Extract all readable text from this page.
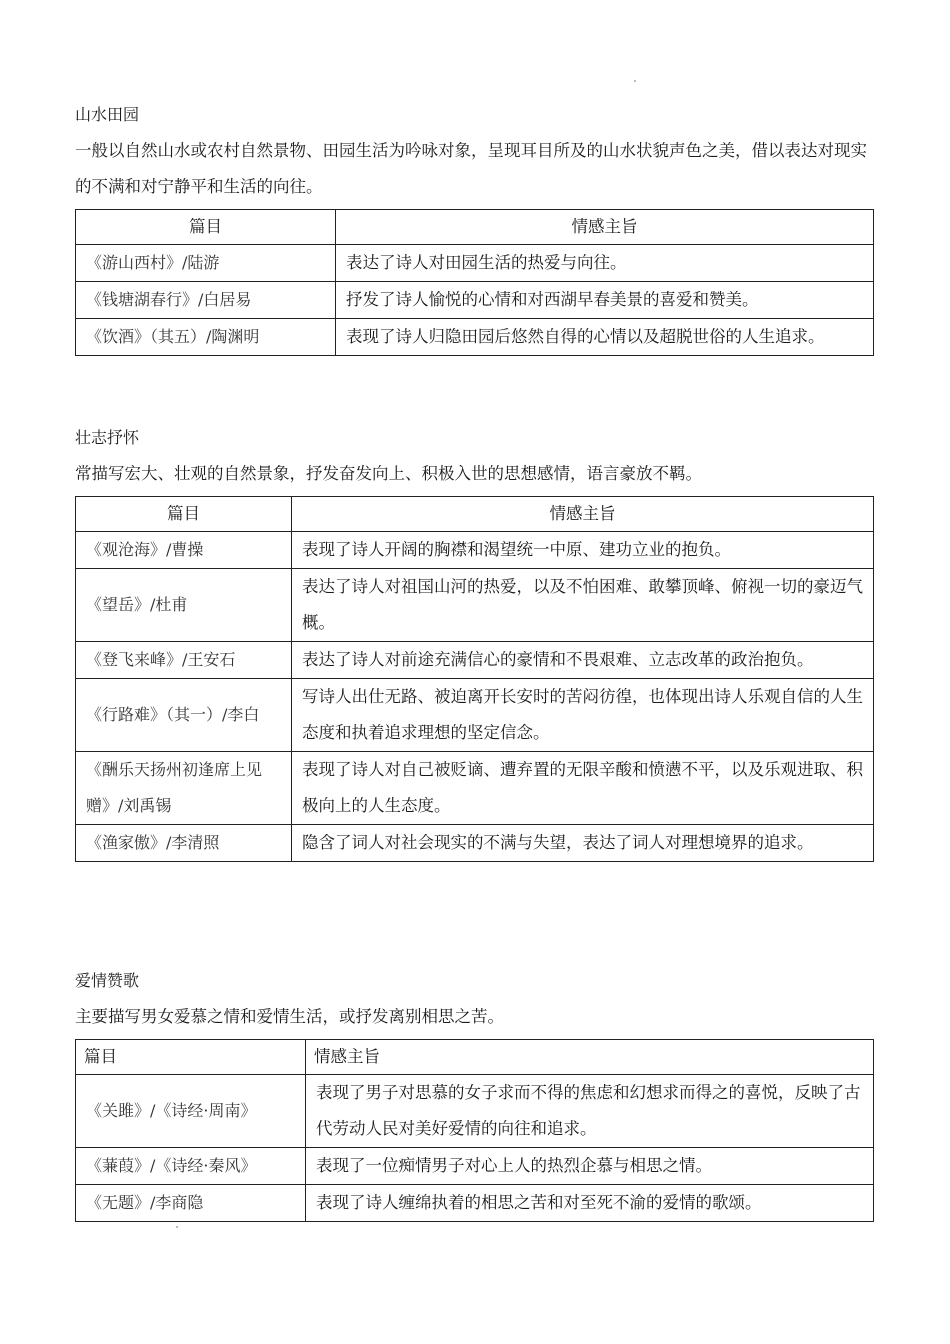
山水田园

一般以自然山水或农村自然景物、田园生活为吟咏对象，呈现耳目所及的山水状貌声色之美，借以表达对现实的不满和对宁静平和生活的向往。

篇目	情感主旨
《游山西村》/陆游	表达了诗人对田园生活的热爱与向往。
《钱塘湖春行》/白居易	抒发了诗人愉悦的心情和对西湖早春美景的喜爱和赞美。
《饮酒》（其五）/陶渊明	表现了诗人归隐田园后悠然自得的心情以及超脱世俗的人生追求。

壮志抒怀

常描写宏大、壮观的自然景象，抒发奋发向上、积极入世的思想感情，语言豪放不羁。

篇目	情感主旨
《观沧海》/曹操	表现了诗人开阔的胸襟和渴望统一中原、建功立业的抱负。
《望岳》/杜甫	表达了诗人对祖国山河的热爱，以及不怕困难、敢攀顶峰、俯视一切的豪迈气概。
《登飞来峰》/王安石	表达了诗人对前途充满信心的豪情和不畏艰难、立志改革的政治抱负。
《行路难》（其一）/李白	写诗人出仕无路、被迫离开长安时的苦闷彷徨，也体现出诗人乐观自信的人生态度和执着追求理想的坚定信念。
《酬乐天扬州初逢席上见赠》/刘禹锡	表现了诗人对自己被贬谪、遭弃置的无限辛酸和愤懑不平，以及乐观进取、积极向上的人生态度。
《渔家傲》/李清照	隐含了词人对社会现实的不满与失望，表达了词人对理想境界的追求。

爱情赞歌

主要描写男女爱慕之情和爱情生活，或抒发离别相思之苦。

篇目	情感主旨
《关雎》/《诗经·周南》	表现了男子对思慕的女子求而不得的焦虑和幻想求而得之的喜悦，反映了古代劳动人民对美好爱情的向往和追求。
《蒹葭》/《诗经·秦风》	表现了一位痴情男子对心上人的热烈企慕与相思之情。
《无题》/李商隐	表现了诗人缠绵执着的相思之苦和对至死不渝的爱情的歌颂。
